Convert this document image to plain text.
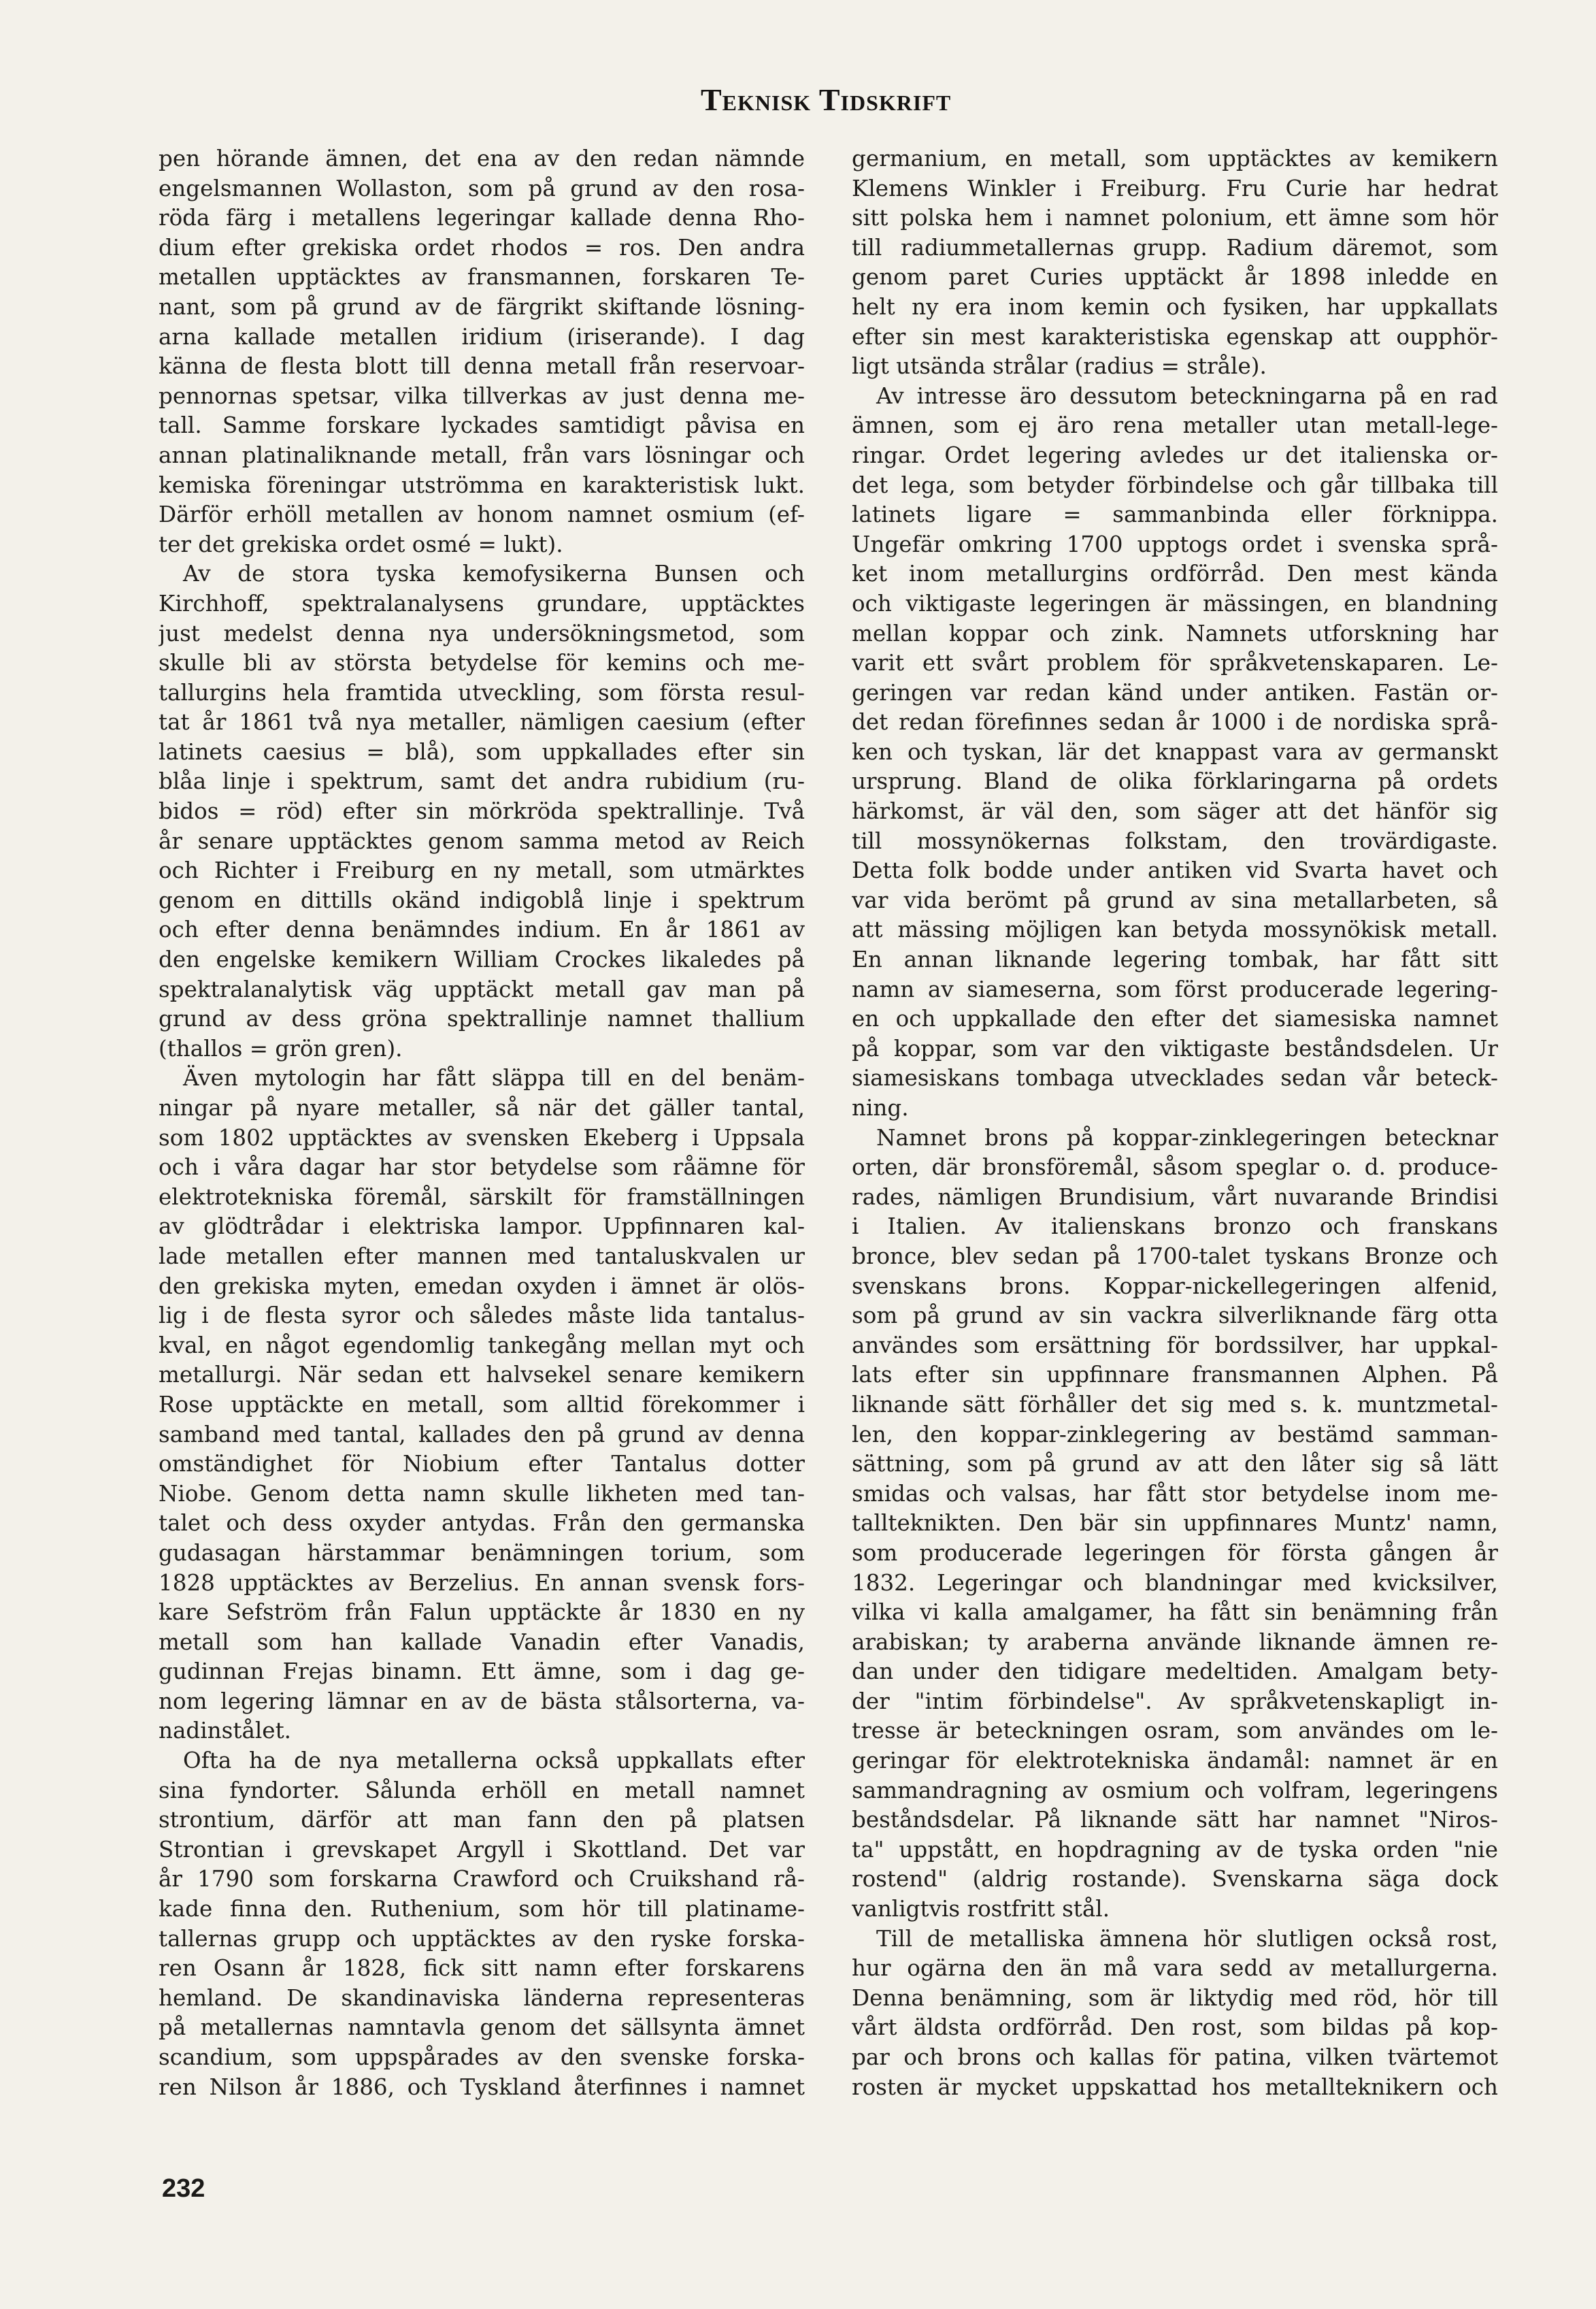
Teknisk Tidskrift
pen hörande ämnen, det ena av den redan nämnde
engelsmannen Wollaston, som på grund av den rosa-
röda färg i metallens legeringar kallade denna Rho-
dium efter grekiska ordet rhodos = ros. Den andra
metallen upptäcktes av fransmannen, forskaren Te-
nant, som på grund av de färgrikt skiftande lösning-
arna kallade metallen iridium (iriserande). I dag
känna de flesta blott till denna metall från reservoar-
pennornas spetsar, vilka tillverkas av just denna me-
tall. Samme forskare lyckades samtidigt påvisa en
annan platinaliknande metall, från vars lösningar och
kemiska föreningar utströmma en karakteristisk lukt.
Därför erhöll metallen av honom namnet osmium (ef-
ter det grekiska ordet osmé = lukt).
Av de stora tyska kemofysikerna Bunsen och
Kirchhoff, spektralanalysens grundare, upptäcktes
just medelst denna nya undersökningsmetod, som
skulle bli av största betydelse för kemins och me-
tallurgins hela framtida utveckling, som första resul-
tat år 1861 två nya metaller, nämligen caesium (efter
latinets caesius = blå), som uppkallades efter sin
blåa linje i spektrum, samt det andra rubidium (ru-
bidos = röd) efter sin mörkröda spektrallinje. Två
år senare upptäcktes genom samma metod av Reich
och Richter i Freiburg en ny metall, som utmärktes
genom en dittills okänd indigoblå linje i spektrum
och efter denna benämndes indium. En år 1861 av
den engelske kemikern William Crockes likaledes på
spektralanalytisk väg upptäckt metall gav man på
grund av dess gröna spektrallinje namnet thallium
(thallos = grön gren).
Även mytologin har fått släppa till en del benäm-
ningar på nyare metaller, så när det gäller tantal,
som 1802 upptäcktes av svensken Ekeberg i Uppsala
och i våra dagar har stor betydelse som råämne för
elektrotekniska föremål, särskilt för framställningen
av glödtrådar i elektriska lampor. Uppfinnaren kal-
lade metallen efter mannen med tantaluskvalen ur
den grekiska myten, emedan oxyden i ämnet är olös-
lig i de flesta syror och således måste lida tantalus-
kval, en något egendomlig tankegång mellan myt och
metallurgi. När sedan ett halvsekel senare kemikern
Rose upptäckte en metall, som alltid förekommer i
samband med tantal, kallades den på grund av denna
omständighet för Niobium efter Tantalus dotter
Niobe. Genom detta namn skulle likheten med tan-
talet och dess oxyder antydas. Från den germanska
gudasagan härstammar benämningen torium, som
1828 upptäcktes av Berzelius. En annan svensk fors-
kare Sefström från Falun upptäckte år 1830 en ny
metall som han kallade Vanadin efter Vanadis,
gudinnan Frejas binamn. Ett ämne, som i dag ge-
nom legering lämnar en av de bästa stålsorterna, va-
nadinstålet.
Ofta ha de nya metallerna också uppkallats efter
sina fyndorter. Sålunda erhöll en metall namnet
strontium, därför att man fann den på platsen
Strontian i grevskapet Argyll i Skottland. Det var
år 1790 som forskarna Crawford och Cruikshand rå-
kade finna den. Ruthenium, som hör till platiname-
tallernas grupp och upptäcktes av den ryske forska-
ren Osann år 1828, fick sitt namn efter forskarens
hemland. De skandinaviska länderna representeras
på metallernas namntavla genom det sällsynta ämnet
scandium, som uppspårades av den svenske forska-
ren Nilson år 1886, och Tyskland återfinnes i namnet
germanium, en metall, som upptäcktes av kemikern
Klemens Winkler i Freiburg. Fru Curie har hedrat
sitt polska hem i namnet polonium, ett ämne som hör
till radiummetallernas grupp. Radium däremot, som
genom paret Curies upptäckt år 1898 inledde en
helt ny era inom kemin och fysiken, har uppkallats
efter sin mest karakteristiska egenskap att oupphör-
ligt utsända strålar (radius = stråle).
Av intresse äro dessutom beteckningarna på en rad
ämnen, som ej äro rena metaller utan metall-lege-
ringar. Ordet legering avledes ur det italienska or-
det lega, som betyder förbindelse och går tillbaka till
latinets ligare = sammanbinda eller förknippa.
Ungefär omkring 1700 upptogs ordet i svenska språ-
ket inom metallurgins ordförråd. Den mest kända
och viktigaste legeringen är mässingen, en blandning
mellan koppar och zink. Namnets utforskning har
varit ett svårt problem för språkvetenskaparen. Le-
geringen var redan känd under antiken. Fastän or-
det redan förefinnes sedan år 1000 i de nordiska språ-
ken och tyskan, lär det knappast vara av germanskt
ursprung. Bland de olika förklaringarna på ordets
härkomst, är väl den, som säger att det hänför sig
till mossynökernas folkstam, den trovärdigaste.
Detta folk bodde under antiken vid Svarta havet och
var vida berömt på grund av sina metallarbeten, så
att mässing möjligen kan betyda mossynökisk metall.
En annan liknande legering tombak, har fått sitt
namn av siameserna, som först producerade legering-
en och uppkallade den efter det siamesiska namnet
på koppar, som var den viktigaste beståndsdelen. Ur
siamesiskans tombaga utvecklades sedan vår beteck-
ning.
Namnet brons på koppar-zinklegeringen betecknar
orten, där bronsföremål, såsom speglar o. d. produce-
rades, nämligen Brundisium, vårt nuvarande Brindisi
i Italien. Av italienskans bronzo och franskans
bronce, blev sedan på 1700-talet tyskans Bronze och
svenskans brons. Koppar-nickellegeringen alfenid,
som på grund av sin vackra silverliknande färg otta
användes som ersättning för bordssilver, har uppkal-
lats efter sin uppfinnare fransmannen Alphen. På
liknande sätt förhåller det sig med s. k. muntzmetal-
len, den koppar-zinklegering av bestämd samman-
sättning, som på grund av att den låter sig så lätt
smidas och valsas, har fått stor betydelse inom me-
tallteknikten. Den bär sin uppfinnares Muntz' namn,
som producerade legeringen för första gången år
1832. Legeringar och blandningar med kvicksilver,
vilka vi kalla amalgamer, ha fått sin benämning från
arabiskan; ty araberna använde liknande ämnen re-
dan under den tidigare medeltiden. Amalgam bety-
der "intim förbindelse". Av språkvetenskapligt in-
tresse är beteckningen osram, som användes om le-
geringar för elektrotekniska ändamål: namnet är en
sammandragning av osmium och volfram, legeringens
beståndsdelar. På liknande sätt har namnet "Niros-
ta" uppstått, en hopdragning av de tyska orden "nie
rostend" (aldrig rostande). Svenskarna säga dock
vanligtvis rostfritt stål.
Till de metalliska ämnena hör slutligen också rost,
hur ogärna den än må vara sedd av metallurgerna.
Denna benämning, som är liktydig med röd, hör till
vårt äldsta ordförråd. Den rost, som bildas på kop-
par och brons och kallas för patina, vilken tvärtemot
rosten är mycket uppskattad hos metallteknikern och
232
